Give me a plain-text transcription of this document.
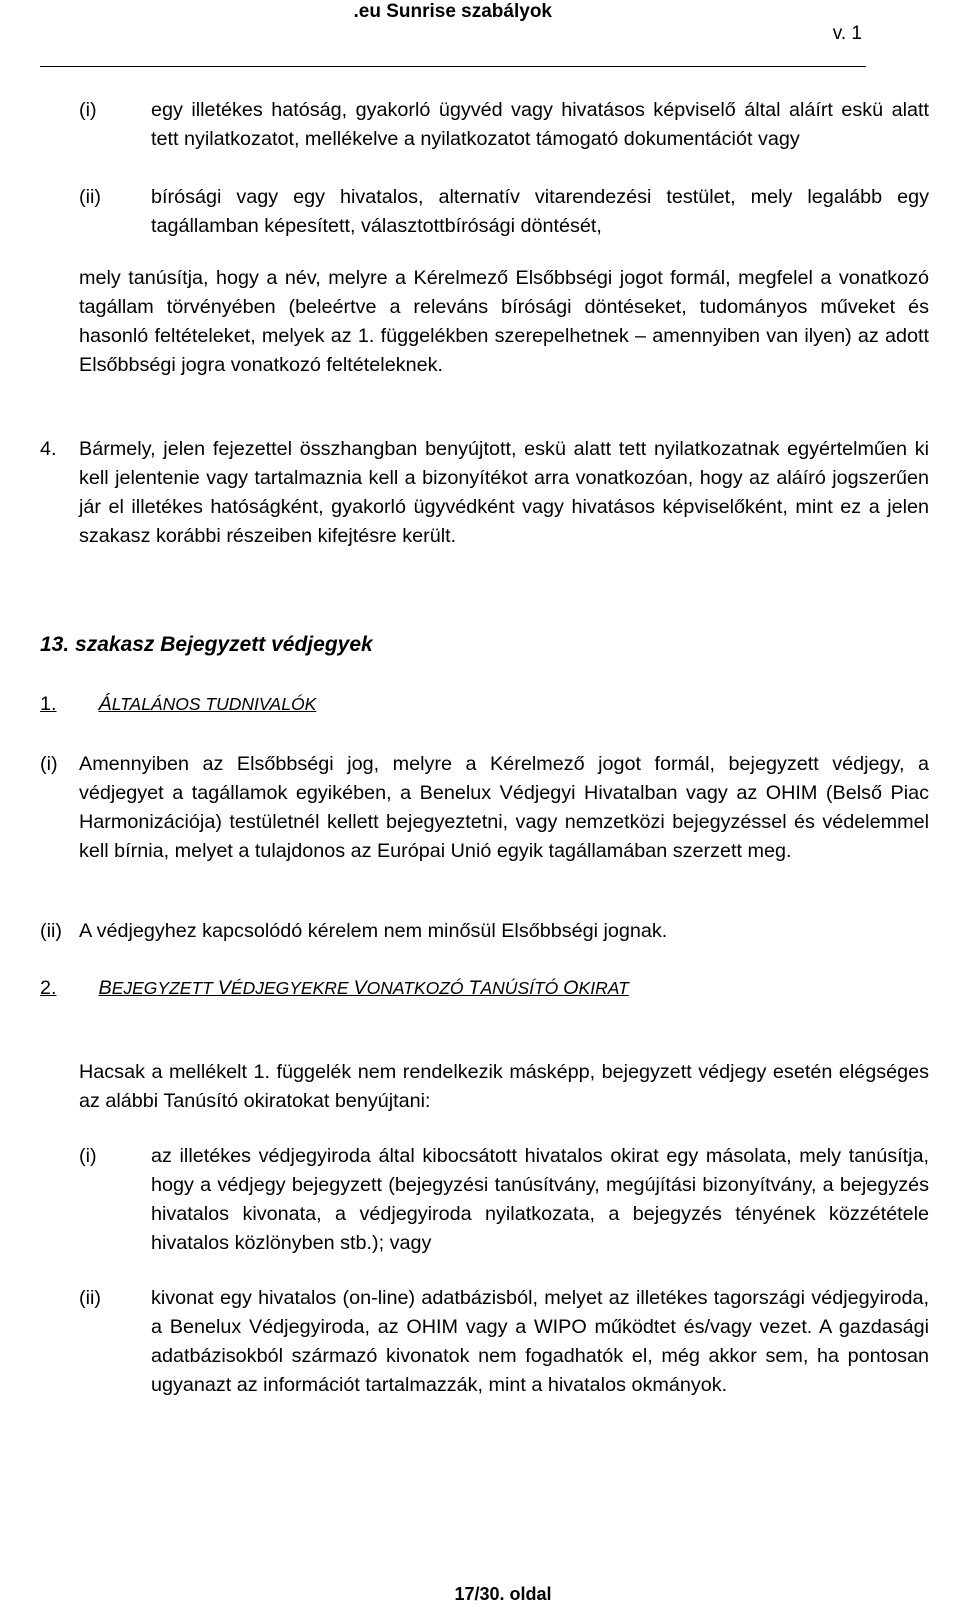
.eu Sunrise szabályok
v. 1
(i)	egy illetékes hatóság, gyakorló ügyvéd vagy hivatásos képviselő által aláírt eskü alatt tett nyilatkozatot, mellékelve a nyilatkozatot támogató dokumentációt vagy
(ii)	bírósági vagy egy hivatalos, alternatív vitarendezési testület, mely legalább egy tagállamban képesített, választottbírósági döntését,
mely tanúsítja, hogy a név, melyre a Kérelmező Elsőbbségi jogot formál, megfelel a vonatkozó tagállam törvényében (beleértve a releváns bírósági döntéseket, tudományos műveket és hasonló feltételeket, melyek az 1. függelékben szerepelhetnek – amennyiben van ilyen) az adott Elsőbbségi jogra vonatkozó feltételeknek.
4. Bármely, jelen fejezettel összhangban benyújtott, eskü alatt tett nyilatkozatnak egyértelműen ki kell jelentenie vagy tartalmaznia kell a bizonyítékot arra vonatkozóan, hogy az aláíró jogszerűen jár el illetékes hatóságként, gyakorló ügyvédként vagy hivatásos képviselőként, mint ez a jelen szakasz korábbi részeiben kifejtésre került.
13. szakasz Bejegyzett védjegyek
1. ÁLTALÁNOS TUDNIVALÓK
(i) Amennyiben az Elsőbbségi jog, melyre a Kérelmező jogot formál, bejegyzett védjegy, a védjegyet a tagállamok egyikében, a Benelux Védjegyi Hivatalban vagy az OHIM (Belső Piac Harmonizációja) testületnél kellett bejegyeztetni, vagy nemzetközi bejegyzéssel és védelemmel kell bírnia, melyet a tulajdonos az Európai Unió egyik tagállamában szerzett meg.
(ii) A védjegyhez kapcsolódó kérelem nem minősül Elsőbbségi jognak.
2. BEJEGYZETT VÉDJEGYEKRE VONATKOZÓ TANÚSÍTÓ OKIRAT
Hacsak a mellékelt 1. függelék nem rendelkezik másképp, bejegyzett védjegy esetén elégséges az alábbi Tanúsító okiratokat benyújtani:
(i)	az illetékes védjegyiroda által kibocsátott hivatalos okirat egy másolata, mely tanúsítja, hogy a védjegy bejegyzett (bejegyzési tanúsítvány, megújítási bizonyítvány, a bejegyzés hivatalos kivonata, a védjegyiroda nyilatkozata, a bejegyzés tényének közzététele hivatalos közlönyben stb.); vagy
(ii)	kivonat egy hivatalos (on-line) adatbázisból, melyet az illetékes tagországi védjegyiroda, a Benelux Védjegyiroda, az OHIM vagy a WIPO működtet és/vagy vezet. A gazdasági adatbázisokból származó kivonatok nem fogadhatók el, még akkor sem, ha pontosan ugyanazt az információt tartalmazzák, mint a hivatalos okmányok.
17/30. oldal
